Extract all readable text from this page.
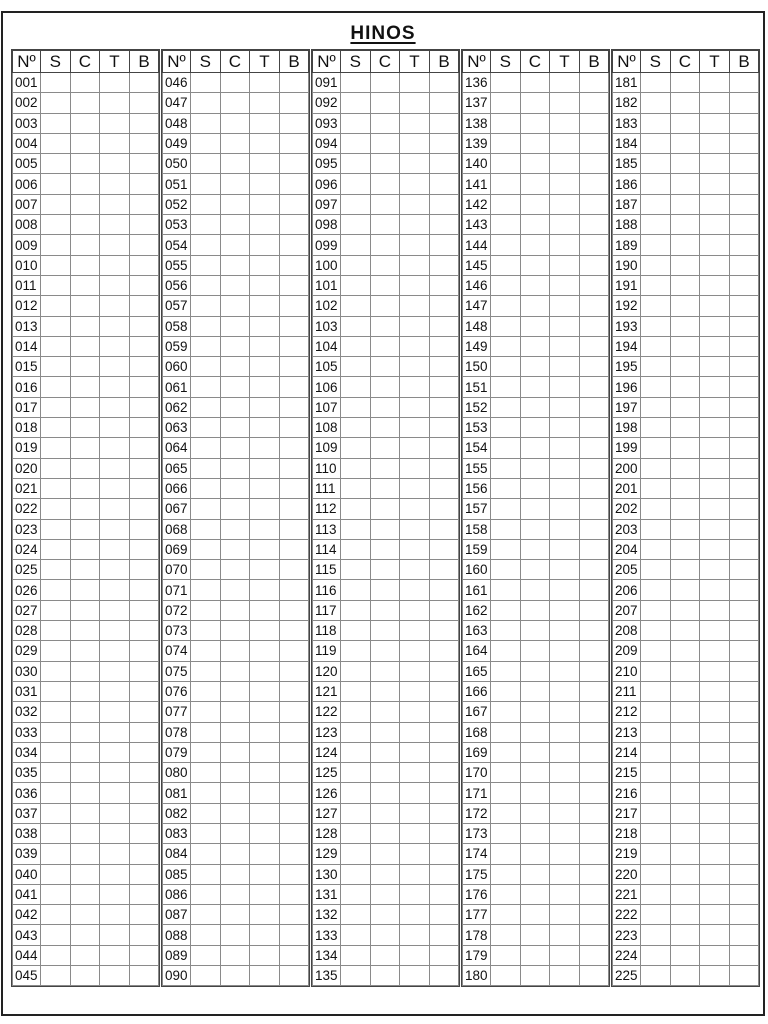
HINOS
Nº	S	C	T	B
001				
002				
003				
004				
005				
006				
007				
008				
009				
010				
011				
012				
013				
014				
015				
016				
017				
018				
019				
020				
021				
022				
023				
024				
025				
026				
027				
028				
029				
030				
031				
032				
033				
034				
035				
036				
037				
038				
039				
040				
041				
042				
043				
044				
045				
Nº	S	C	T	B
046				
047				
048				
049				
050				
051				
052				
053				
054				
055				
056				
057				
058				
059				
060				
061				
062				
063				
064				
065				
066				
067				
068				
069				
070				
071				
072				
073				
074				
075				
076				
077				
078				
079				
080				
081				
082				
083				
084				
085				
086				
087				
088				
089				
090				
Nº	S	C	T	B
091				
092				
093				
094				
095				
096				
097				
098				
099				
100				
101				
102				
103				
104				
105				
106				
107				
108				
109				
110				
111				
112				
113				
114				
115				
116				
117				
118				
119				
120				
121				
122				
123				
124				
125				
126				
127				
128				
129				
130				
131				
132				
133				
134				
135				
Nº	S	C	T	B
136				
137				
138				
139				
140				
141				
142				
143				
144				
145				
146				
147				
148				
149				
150				
151				
152				
153				
154				
155				
156				
157				
158				
159				
160				
161				
162				
163				
164				
165				
166				
167				
168				
169				
170				
171				
172				
173				
174				
175				
176				
177				
178				
179				
180				
Nº	S	C	T	B
181				
182				
183				
184				
185				
186				
187				
188				
189				
190				
191				
192				
193				
194				
195				
196				
197				
198				
199				
200				
201				
202				
203				
204				
205				
206				
207				
208				
209				
210				
211				
212				
213				
214				
215				
216				
217				
218				
219				
220				
221				
222				
223				
224				
225				
